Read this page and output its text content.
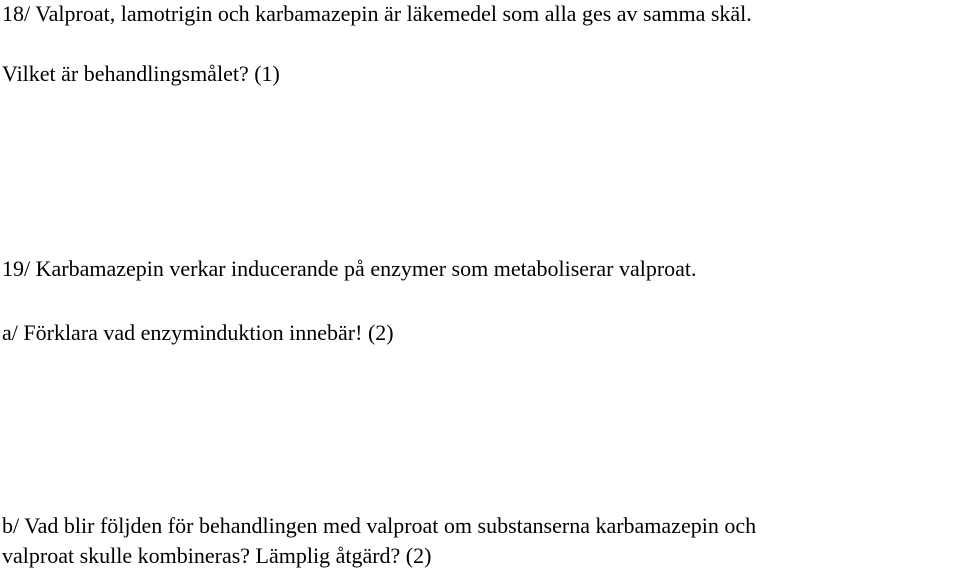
18/ Valproat, lamotrigin och karbamazepin är läkemedel som alla ges av samma skäl.
Vilket är behandlingsmålet? (1)
19/ Karbamazepin verkar inducerande på enzymer som metaboliserar valproat.
a/ Förklara vad enzyminduktion innebär! (2)
b/ Vad blir följden för behandlingen med valproat om substanserna karbamazepin och
valproat skulle kombineras? Lämplig åtgärd? (2)
